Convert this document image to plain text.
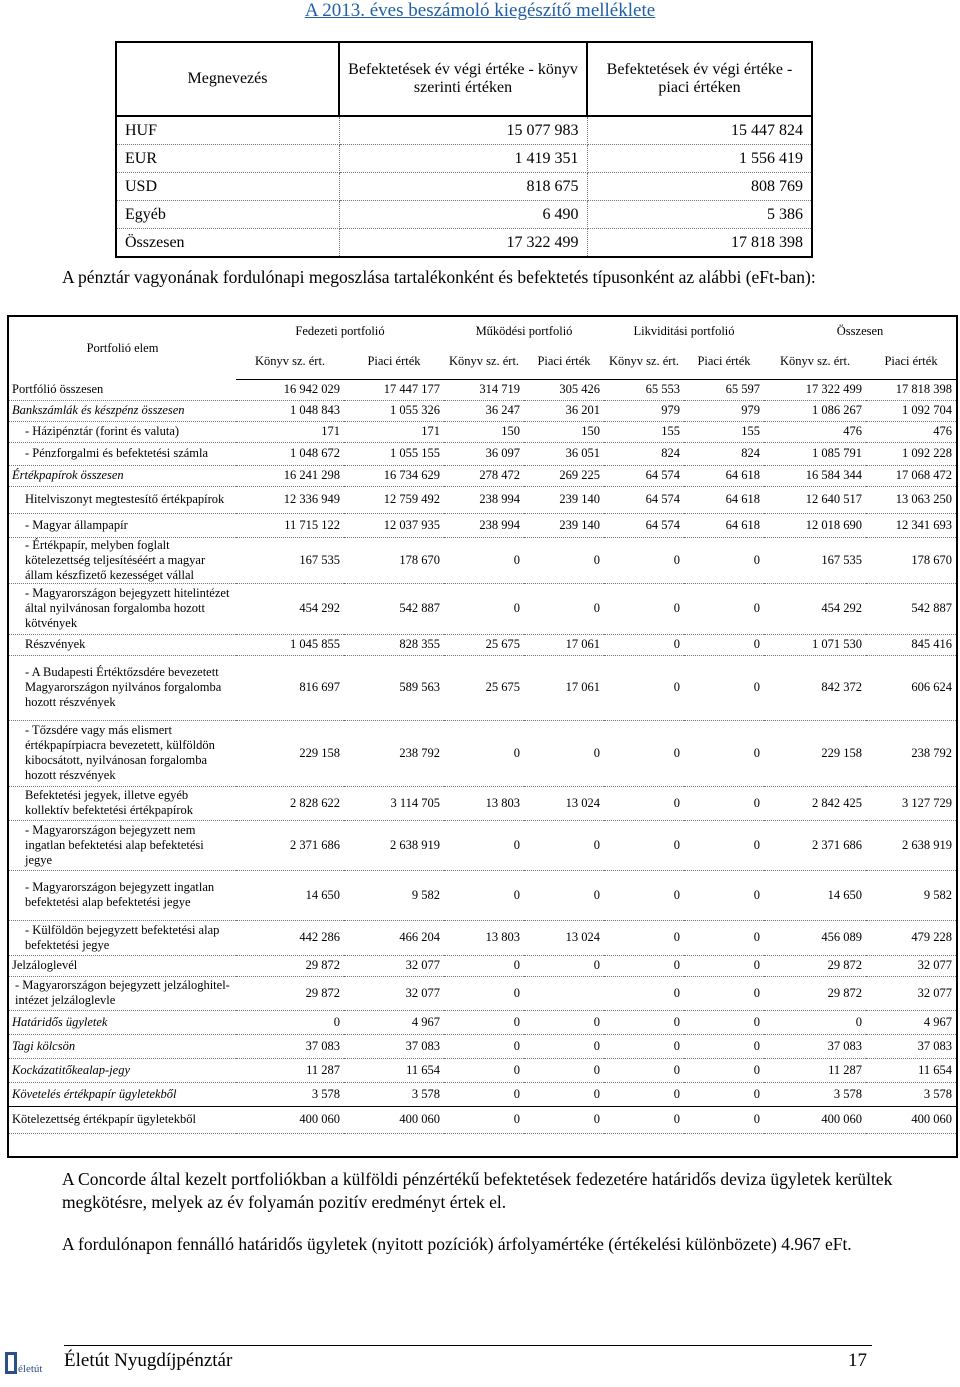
A 2013. éves beszámoló kiegészítő melléklete
Megnevezés	Befektetések év végi értéke - könyv szerinti értéken	Befektetések év végi értéke - piaci értéken
HUF	15 077 983	15 447 824
EUR	1 419 351	1 556 419
USD	818 675	808 769
Egyéb	6 490	5 386
Összesen	17 322 499	17 818 398
A pénztár vagyonának fordulónapi megoszlása tartalékonként és befektetés típusonként az alábbi (eFt-ban):
Portfolió elem	Fedezeti portfolió		Működési portfolió		Likviditási portfolió		Összesen	
	Könyv sz. ért.	Piaci érték	Könyv sz. ért.	Piaci érték	Könyv sz. ért.	Piaci érték	Könyv sz. ért.	Piaci érték
Portfólió összesen	16 942 029	17 447 177	314 719	305 426	65 553	65 597	17 322 499	17 818 398
Bankszámlák és készpénz összesen	1 048 843	1 055 326	36 247	36 201	979	979	1 086 267	1 092 704
- Házipénztár (forint és valuta)	171	171	150	150	155	155	476	476
- Pénzforgalmi és befektetési számla	1 048 672	1 055 155	36 097	36 051	824	824	1 085 791	1 092 228
Értékpapírok összesen	16 241 298	16 734 629	278 472	269 225	64 574	64 618	16 584 344	17 068 472
Hitelviszonyt megtestesítő értékpapírok	12 336 949	12 759 492	238 994	239 140	64 574	64 618	12 640 517	13 063 250
- Magyar állampapír	11 715 122	12 037 935	238 994	239 140	64 574	64 618	12 018 690	12 341 693
- Értékpapír, melyben foglalt kötelezettség teljesítéséért a magyar állam készfizető kezességet vállal	167 535	178 670	0	0	0	0	167 535	178 670
- Magyarországon bejegyzett hitelintézet által nyilvánosan forgalomba hozott kötvények	454 292	542 887	0	0	0	0	454 292	542 887
Részvények	1 045 855	828 355	25 675	17 061	0	0	1 071 530	845 416
- A Budapesti Értéktőzsdére bevezetett Magyarországon nyilvános forgalomba hozott részvények	816 697	589 563	25 675	17 061	0	0	842 372	606 624
- Tőzsdére vagy más elismert értékpapírpiacra bevezetett, külföldön kibocsátott, nyilvánosan forgalomba hozott részvények	229 158	238 792	0	0	0	0	229 158	238 792
Befektetési jegyek, illetve egyéb kollektív befektetési értékpapírok	2 828 622	3 114 705	13 803	13 024	0	0	2 842 425	3 127 729
- Magyarországon bejegyzett nem ingatlan befektetési alap befektetési jegye	2 371 686	2 638 919	0	0	0	0	2 371 686	2 638 919
- Magyarországon bejegyzett ingatlan befektetési alap befektetési jegye	14 650	9 582	0	0	0	0	14 650	9 582
- Külföldön bejegyzett befektetési alap befektetési jegye	442 286	466 204	13 803	13 024	0	0	456 089	479 228
Jelzáloglevél	29 872	32 077	0	0	0	0	29 872	32 077
- Magyarországon bejegyzett jelzáloghitel-intézet jelzáloglevle	29 872	32 077	0		0	0	29 872	32 077
Határidős ügyletek	0	4 967	0	0	0	0	0	4 967
Tagi kölcsön	37 083	37 083	0	0	0	0	37 083	37 083
Kockázatitőkealap-jegy	11 287	11 654	0	0	0	0	11 287	11 654
Követelés értékpapír ügyletekből	3 578	3 578	0	0	0	0	3 578	3 578
Kötelezettség értékpapír ügyletekből	400 060	400 060	0	0	0	0	400 060	400 060
A Concorde által kezelt portfoliókban a külföldi pénzértékű befektetések fedezetére határidős deviza ügyletek kerültek megkötésre, melyek az év folyamán pozitív eredményt értek el.
A fordulónapon fennálló határidős ügyletek (nyitott pozíciók) árfolyamértéke (értékelési különbözete) 4.967 eFt.
életút Életút Nyugdíjpénztár	17
